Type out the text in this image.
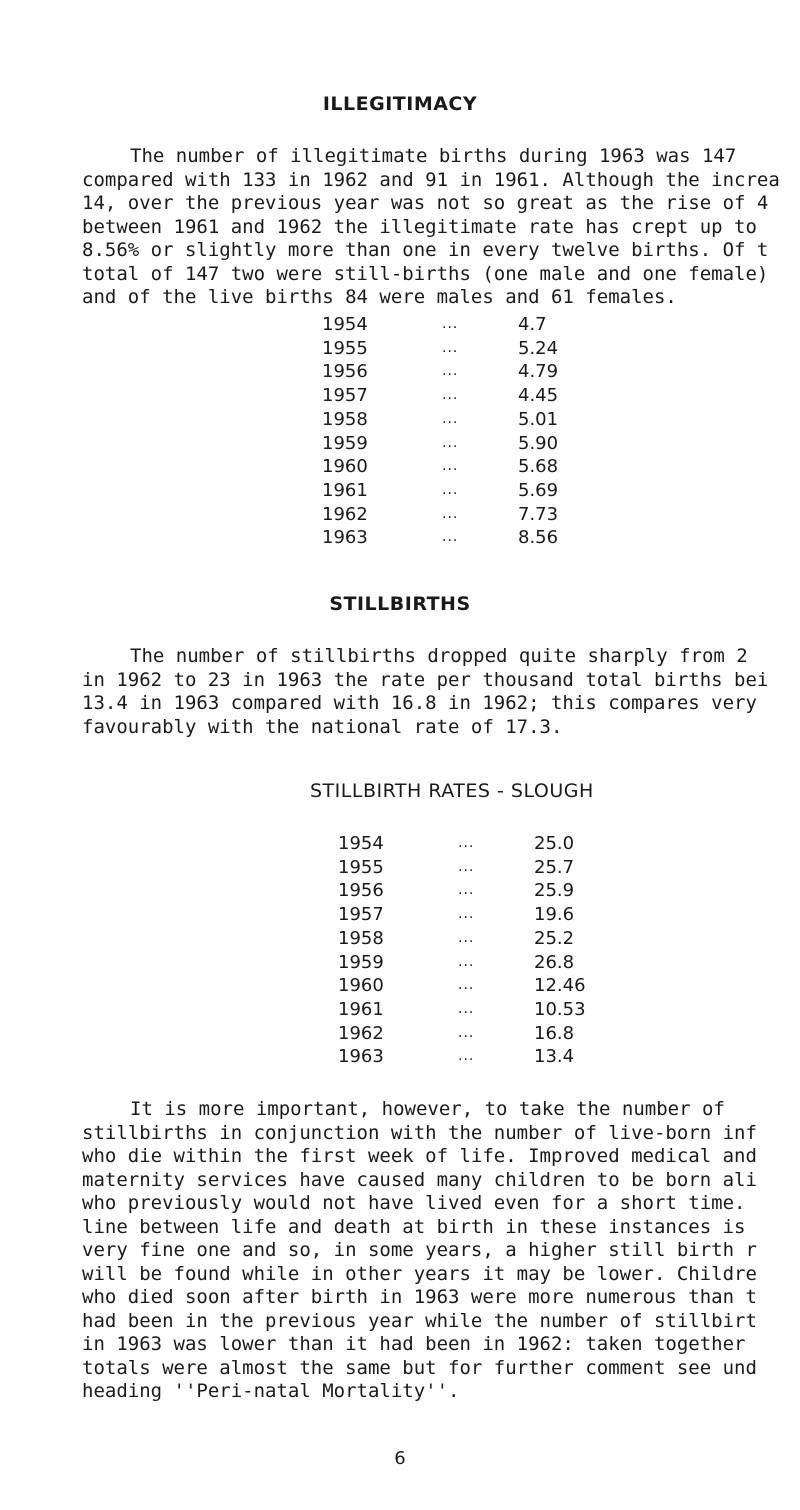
ILLEGITIMACY
The number of illegitimate births during 1963 was 147
compared with 133 in 1962 and 91 in 1961. Although the increa
14, over the previous year was not so great as the rise of 4
between 1961 and 1962 the illegitimate rate has crept up to
8.56% or slightly more than one in every twelve births. Of t
total of 147 two were still-births (one male and one female)
and of the live births 84 were males and 61 females.
1954	...	4.7
1955	...	5.24
1956	...	4.79
1957	...	4.45
1958	...	5.01
1959	...	5.90
1960	...	5.68
1961	...	5.69
1962	...	7.73
1963	...	8.56
STILLBIRTHS
The number of stillbirths dropped quite sharply from 2
in 1962 to 23 in 1963 the rate per thousand total births bei
13.4 in 1963 compared with 16.8 in 1962; this compares very
favourably with the national rate of 17.3.
STILLBIRTH RATES - SLOUGH
1954	...	25.0
1955	...	25.7
1956	...	25.9
1957	...	19.6
1958	...	25.2
1959	...	26.8
1960	...	12.46
1961	...	10.53
1962	...	16.8
1963	...	13.4
It is more important, however, to take the number of
stillbirths in conjunction with the number of live-born inf
who die within the first week of life. Improved medical and
maternity services have caused many children to be born ali
who previously would not have lived even for a short time.
line between life and death at birth in these instances is
very fine one and so, in some years, a higher still birth r
will be found while in other years it may be lower. Childre
who died soon after birth in 1963 were more numerous than t
had been in the previous year while the number of stillbirt
in 1963 was lower than it had been in 1962: taken together
totals were almost the same but for further comment see und
heading ''Peri-natal Mortality''.
6
